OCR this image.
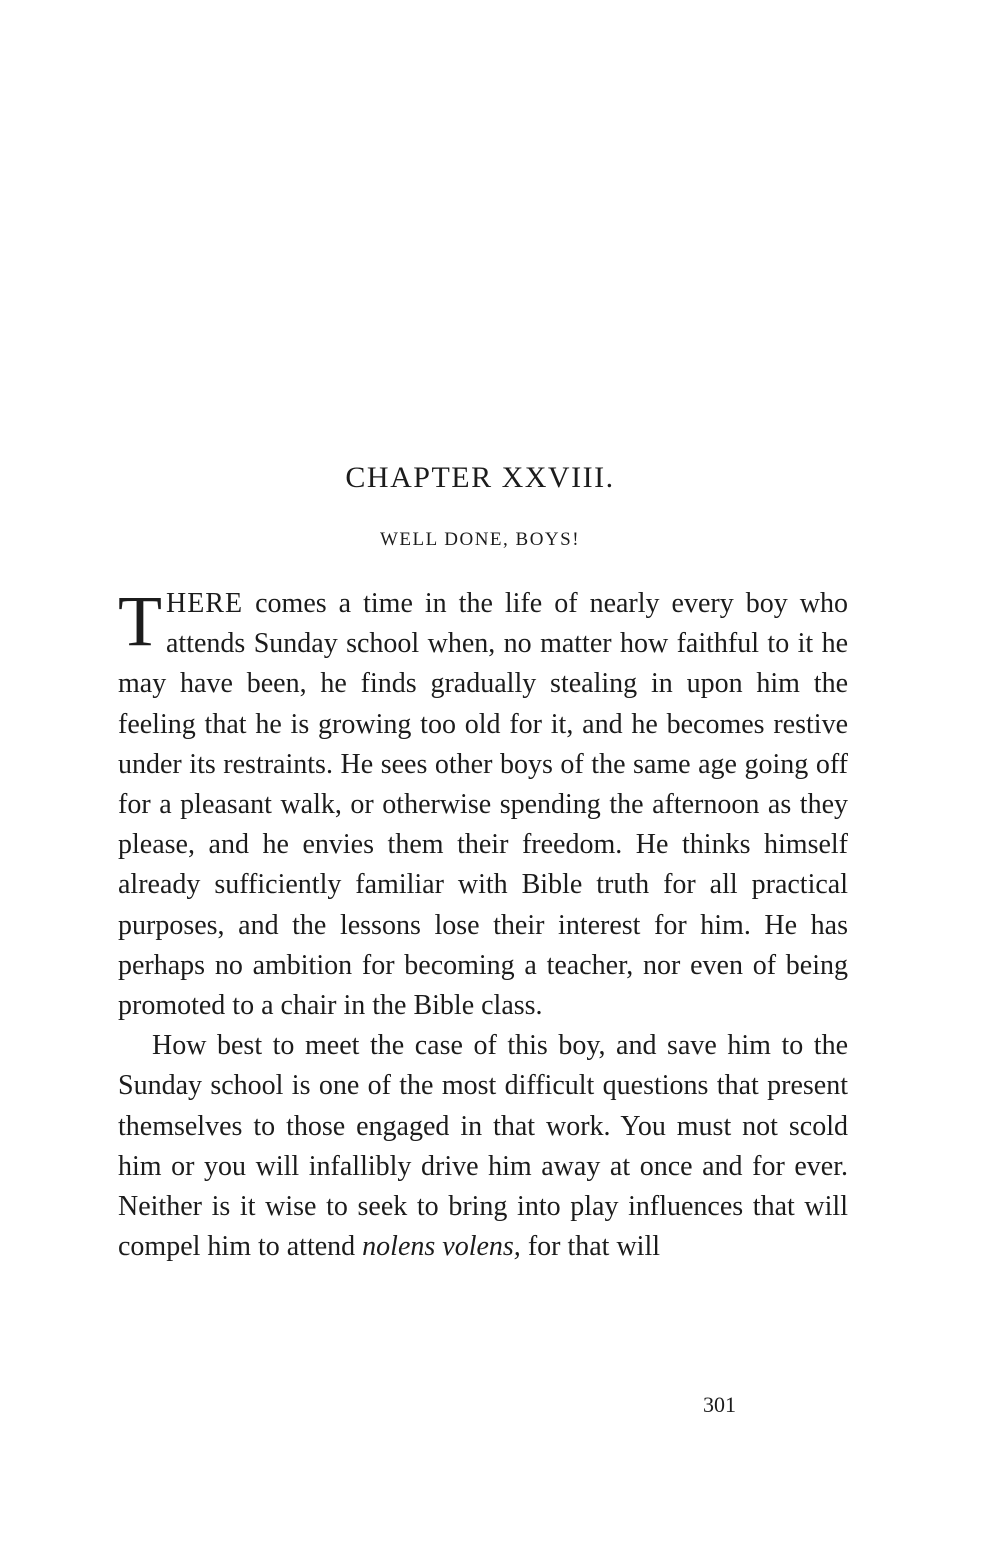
CHAPTER XXVIII.

WELL DONE, BOYS!

THERE comes a time in the life of nearly every boy who attends Sunday school when, no matter how faithful to it he may have been, he finds gradually stealing in upon him the feeling that he is growing too old for it, and he becomes restive under its restraints. He sees other boys of the same age going off for a pleasant walk, or otherwise spending the afternoon as they please, and he envies them their freedom. He thinks himself already sufficiently familiar with Bible truth for all practical purposes, and the lessons lose their interest for him. He has perhaps no ambition for becoming a teacher, nor even of being promoted to a chair in the Bible class.

How best to meet the case of this boy, and save him to the Sunday school is one of the most difficult questions that present themselves to those engaged in that work. You must not scold him or you will infallibly drive him away at once and for ever. Neither is it wise to seek to bring into play influences that will compel him to attend nolens volens, for that will

301
